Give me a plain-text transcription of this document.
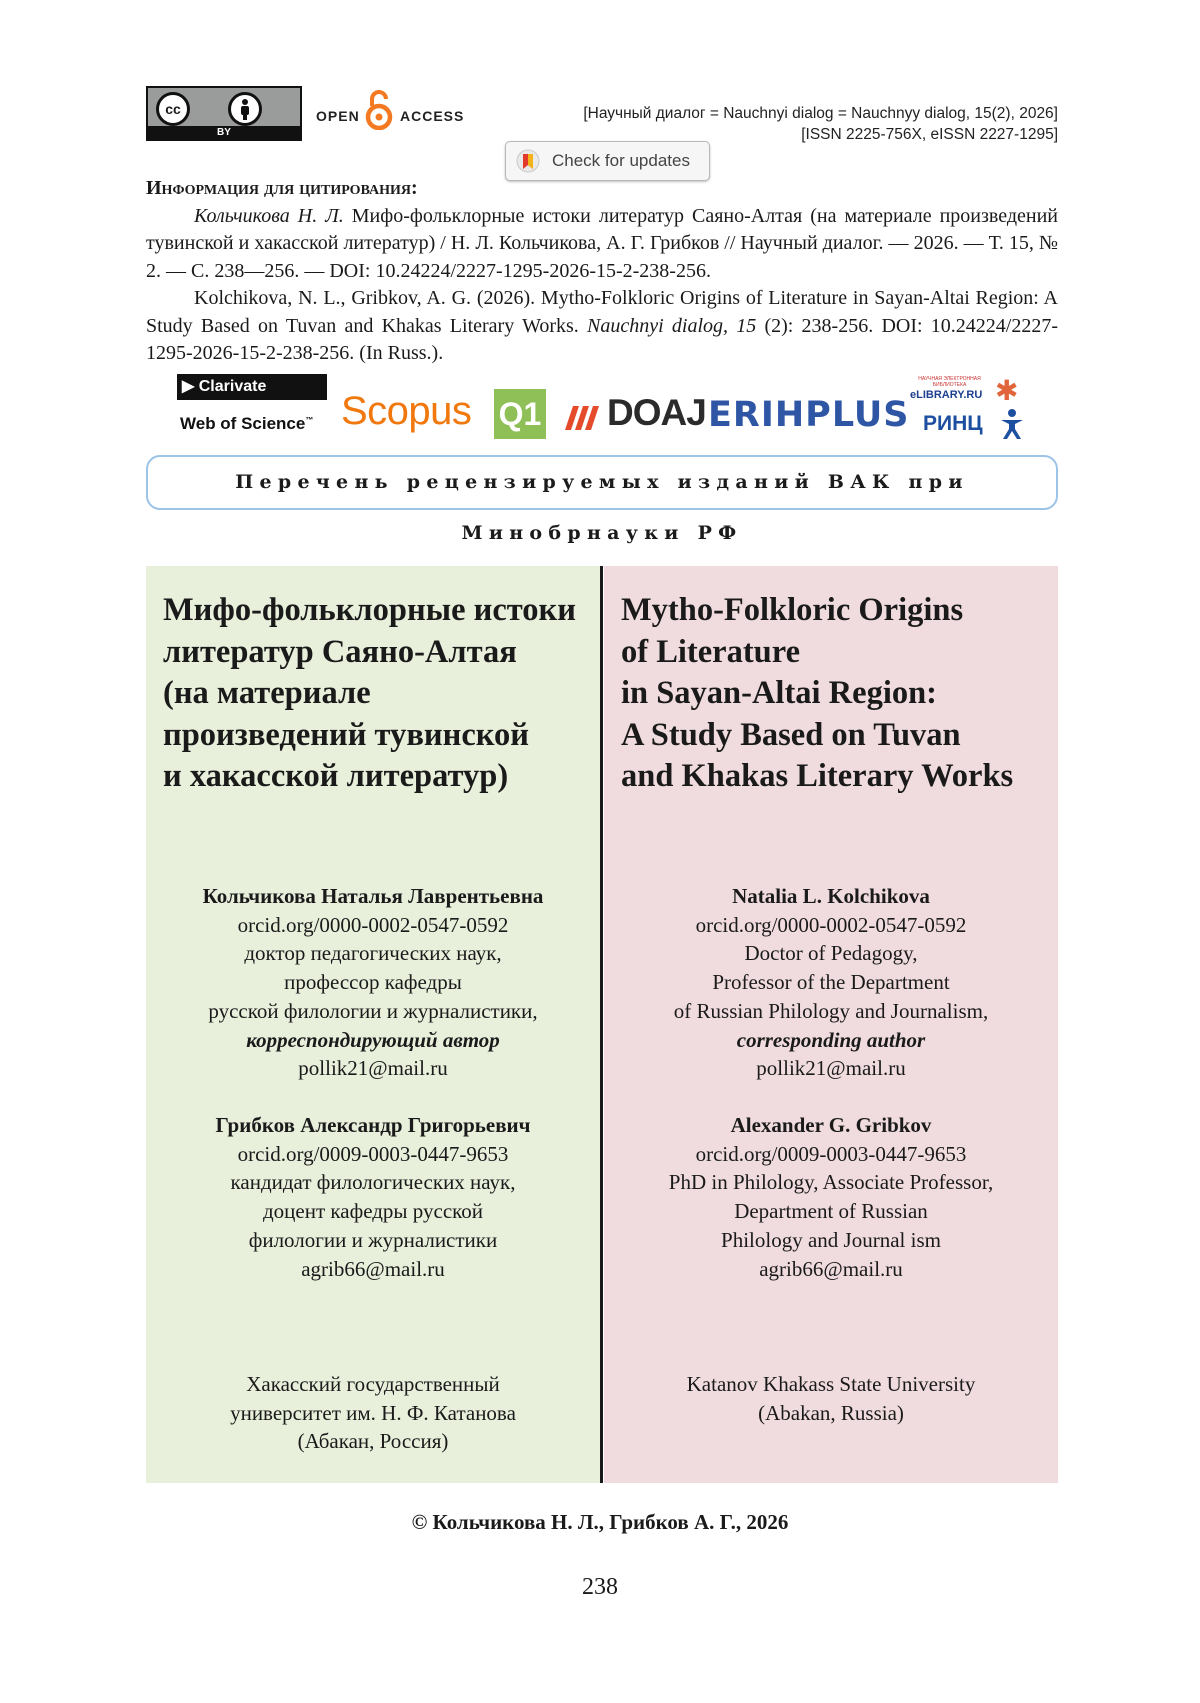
cc
BY
OPEN	ACCESS	[Научный диалог = Nauchnyi dialog = Nauchnyy dialog, 15(2), 2026]
[ISSN 2225-756X, eISSN 2227-1295]
Check for updates
Информация для цитирования:

Кольчикова Н. Л. Мифо-фольклорные истоки литератур Саяно-Алтая (на материале произведений тувинской и хакасской литератур) / Н. Л. Кольчикова, А. Г. Грибков // Научный диалог. — 2026. — Т. 15, № 2. — С. 238—256. — DOI: 10.24224/2227-1295-2026-15-2-238-256.

Kolchikova, N. L., Gribkov, A. G. (2026). Mytho-Folkloric Origins of Literature in Sayan-Altai Region: A Study Based on Tuvan and Khakas Literary Works. Nauchnyi dialog, 15 (2): 238-256. DOI: 10.24224/2227-1295-2026-15-2-238-256. (In Russ.).

▶ Clarivate
Web of Science™ Scopus Q1 DOAJ ERIHPLUS
НАУЧНАЯ ЭЛЕКТРОННАЯ БИБЛИОТЕКА
eLIBRARY.RU ✱
РИНЦ
Перечень рецензируемых изданий ВАК при Минобрнауки РФ
Мифо-фольклорные истоки
литератур Саяно-Алтая
(на материале
произведений тувинской
и хакасской литератур)
Кольчикова Наталья Лаврентьевна
orcid.org/0000-0002-0547-0592
доктор педагогических наук,
профессор кафедры
русской филологии и журналистики,
корреспондирующий автор
pollik21@mail.ru
Грибков Александр Григорьевич
orcid.org/0009-0003-0447-9653
кандидат филологических наук,
доцент кафедры русской
филологии и журналистики
agrib66@mail.ru
Хакасский государственный
университет им. Н. Ф. Катанова
(Абакан, Россия)
Mytho-Folkloric Origins
of Literature
in Sayan-Altai Region:
A Study Based on Tuvan
and Khakas Literary Works
Natalia L. Kolchikova
orcid.org/0000-0002-0547-0592
Doctor of Pedagogy,
Professor of the Department
of Russian Philology and Journalism,
corresponding author
pollik21@mail.ru
Alexander G. Gribkov
orcid.org/0009-0003-0447-9653
PhD in Philology, Associate Professor,
Department of Russian
Philology and Journal ism
agrib66@mail.ru
Katanov Khakass State University
(Abakan, Russia)
© Кольчикова Н. Л., Грибков А. Г., 2026
238
